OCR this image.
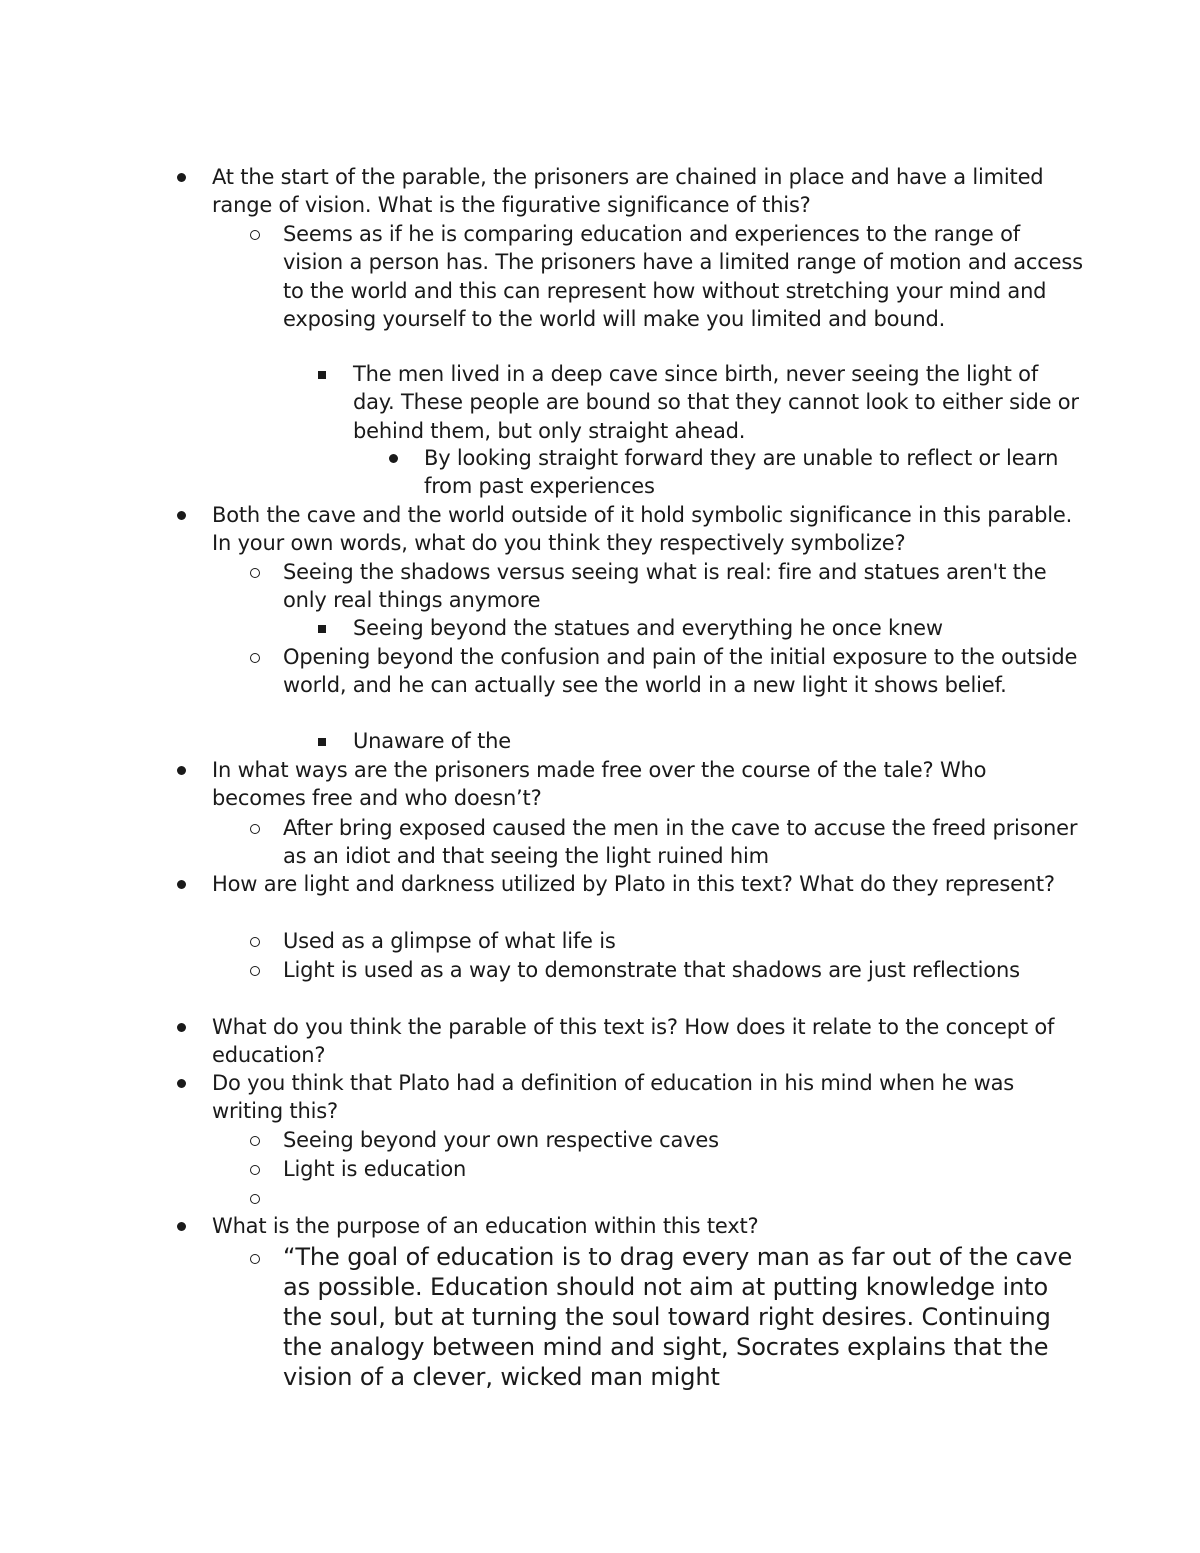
At the start of the parable, the prisoners are chained in place and have a limited range of vision. What is the figurative significance of this?
Seems as if he is comparing education and experiences to the range of vision a person has. The prisoners have a limited range of motion and access to the world and this can represent how without stretching your mind and exposing yourself to the world will make you limited and bound.
The men lived in a deep cave since birth, never seeing the light of day. These people are bound so that they cannot look to either side or behind them, but only straight ahead.
By looking straight forward they are unable to reflect or learn from past experiences
Both the cave and the world outside of it hold symbolic significance in this parable. In your own words, what do you think they respectively symbolize?
Seeing the shadows versus seeing what is real: fire and statues aren't the only real things anymore
Seeing beyond the statues and everything he once knew
Opening beyond the confusion and pain of the initial exposure to the outside world, and he can actually see the world in a new light it shows belief.
Unaware of the
In what ways are the prisoners made free over the course of the tale? Who becomes free and who doesn’t?
After bring exposed caused the men in the cave to accuse the freed prisoner as an idiot and that seeing the light ruined him
How are light and darkness utilized by Plato in this text? What do they represent?
Used as a glimpse of what life is
Light is used as a way to demonstrate that shadows are just reflections
What do you think the parable of this text is? How does it relate to the concept of education?
Do you think that Plato had a definition of education in his mind when he was writing this?
Seeing beyond your own respective caves
Light is education
What is the purpose of an education within this text?
“The goal of education is to drag every man as far out of the cave as possible. Education should not aim at putting knowledge into the soul, but at turning the soul toward right desires. Continuing the analogy between mind and sight, Socrates explains that the vision of a clever, wicked man might
